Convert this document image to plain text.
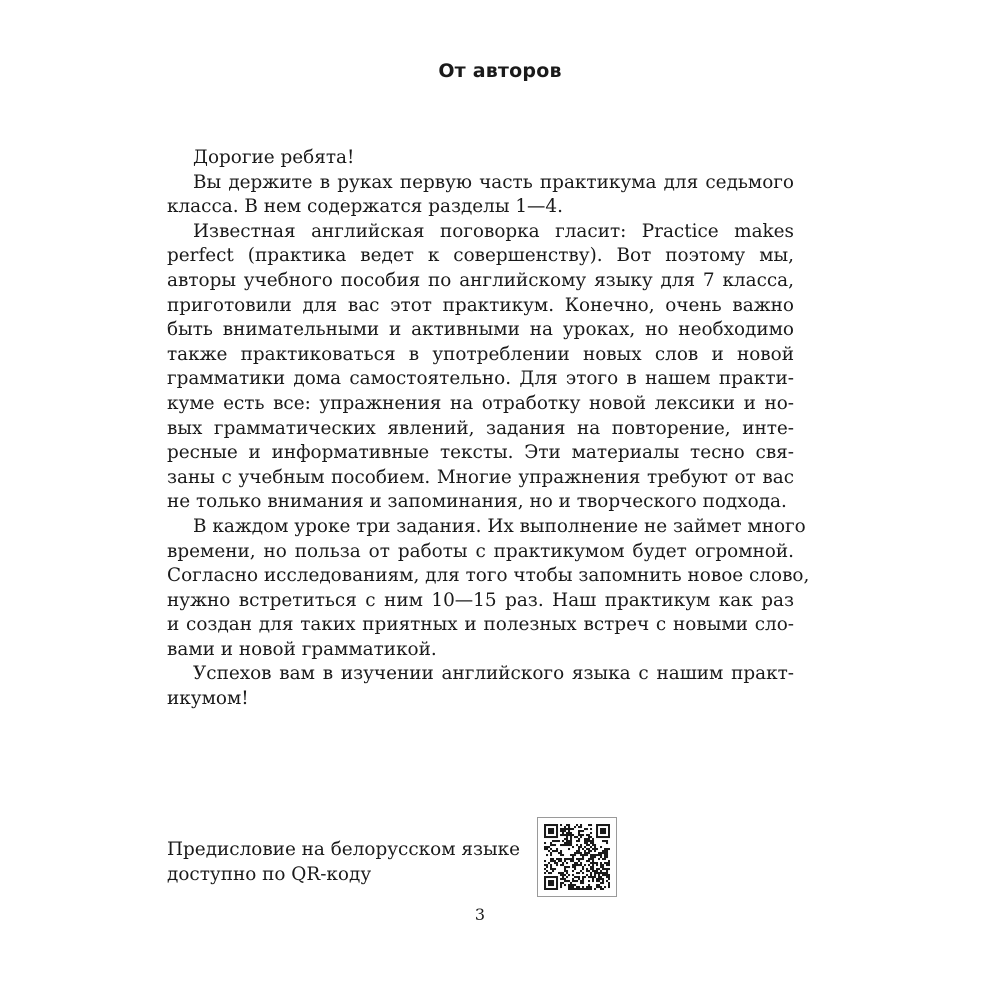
От авторов
Дорогие ребята!
Вы держите в руках первую часть практикума для седьмого
класса. В нем содержатся разделы 1—4.
Известная английская поговорка гласит: Practice makes
perfect (практика ведет к совершенству). Вот поэтому мы,
авторы учебного пособия по английскому языку для 7 класса,
приготовили для вас этот практикум. Конечно, очень важно
быть внимательными и активными на уроках, но необходимо
также практиковаться в употреблении новых слов и новой
грамматики дома самостоятельно. Для этого в нашем практи-
куме есть все: упражнения на отработку новой лексики и но-
вых грамматических явлений, задания на повторение, инте-
ресные и информативные тексты. Эти материалы тесно свя-
заны с учебным пособием. Многие упражнения требуют от вас
не только внимания и запоминания, но и творческого подхода.
В каждом уроке три задания. Их выполнение не займет много
времени, но польза от работы с практикумом будет огромной.
Согласно исследованиям, для того чтобы запомнить новое слово,
нужно встретиться с ним 10—15 раз. Наш практикум как раз
и создан для таких приятных и полезных встреч с новыми сло-
вами и новой грамматикой.
Успехов вам в изучении английского языка с нашим практ-
икумом!
Предисловие на белорусском языке
доступно по QR-коду
3
